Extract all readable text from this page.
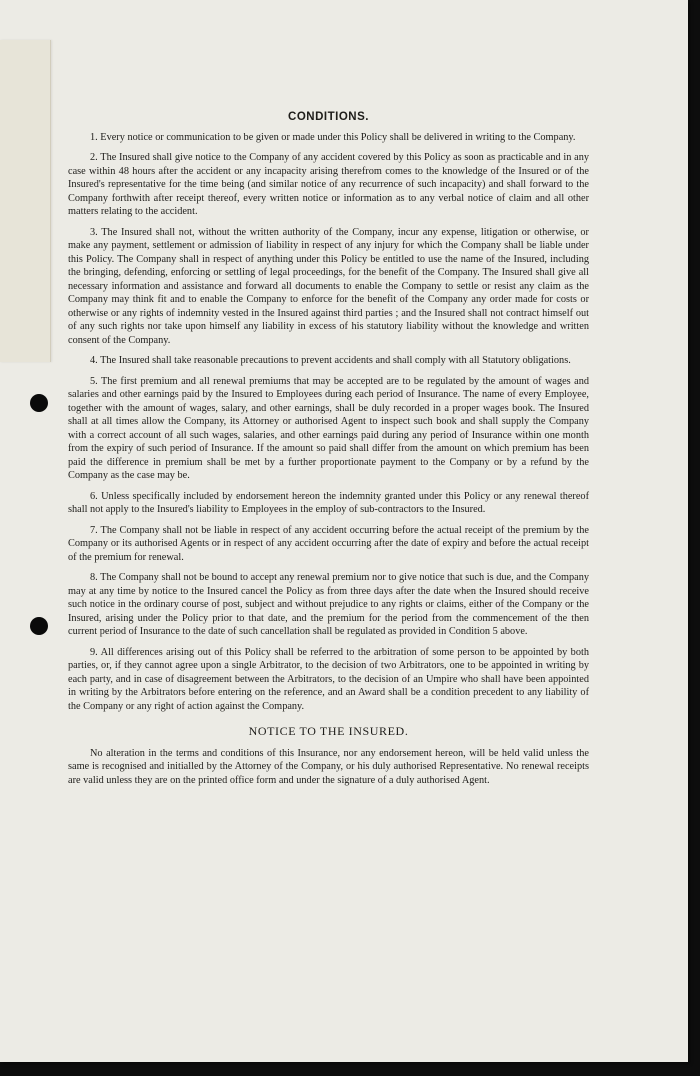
CONDITIONS.

1. Every notice or communication to be given or made under this Policy shall be delivered in writing to the Company.

2. The Insured shall give notice to the Company of any accident covered by this Policy as soon as practicable and in any case within 48 hours after the accident or any incapacity arising therefrom comes to the knowledge of the Insured or of the Insured's representative for the time being (and similar notice of any recurrence of such incapacity) and shall forward to the Company forthwith after receipt thereof, every written notice or information as to any verbal notice of claim and all other matters relating to the accident.

3. The Insured shall not, without the written authority of the Company, incur any expense, litigation or otherwise, or make any payment, settlement or admission of liability in respect of any injury for which the Company shall be liable under this Policy. The Company shall in respect of anything under this Policy be entitled to use the name of the Insured, including the bringing, defending, enforcing or settling of legal proceedings, for the benefit of the Company. The Insured shall give all necessary information and assistance and forward all documents to enable the Company to settle or resist any claim as the Company may think fit and to enable the Company to enforce for the benefit of the Company any order made for costs or otherwise or any rights of indemnity vested in the Insured against third parties ; and the Insured shall not contract himself out of any such rights nor take upon himself any liability in excess of his statutory liability without the knowledge and written consent of the Company.

4. The Insured shall take reasonable precautions to prevent accidents and shall comply with all Statutory obligations.

5. The first premium and all renewal premiums that may be accepted are to be regulated by the amount of wages and salaries and other earnings paid by the Insured to Employees during each period of Insurance. The name of every Employee, together with the amount of wages, salary, and other earnings, shall be duly recorded in a proper wages book. The Insured shall at all times allow the Company, its Attorney or authorised Agent to inspect such book and shall supply the Company with a correct account of all such wages, salaries, and other earnings paid during any period of Insurance within one month from the expiry of such period of Insurance. If the amount so paid shall differ from the amount on which premium has been paid the difference in premium shall be met by a further proportionate payment to the Company or by a refund by the Company as the case may be.

6. Unless specifically included by endorsement hereon the indemnity granted under this Policy or any renewal thereof shall not apply to the Insured's liability to Employees in the employ of sub-contractors to the Insured.

7. The Company shall not be liable in respect of any accident occurring before the actual receipt of the premium by the Company or its authorised Agents or in respect of any accident occurring after the date of expiry and before the actual receipt of the premium for renewal.

8. The Company shall not be bound to accept any renewal premium nor to give notice that such is due, and the Company may at any time by notice to the Insured cancel the Policy as from three days after the date when the Insured should receive such notice in the ordinary course of post, subject and without prejudice to any rights or claims, either of the Company or the Insured, arising under the Policy prior to that date, and the premium for the period from the commencement of the then current period of Insurance to the date of such cancellation shall be regulated as provided in Condition 5 above.

9. All differences arising out of this Policy shall be referred to the arbitration of some person to be appointed by both parties, or, if they cannot agree upon a single Arbitrator, to the decision of two Arbitrators, one to be appointed in writing by each party, and in case of disagreement between the Arbitrators, to the decision of an Umpire who shall have been appointed in writing by the Arbitrators before entering on the reference, and an Award shall be a condition precedent to any liability of the Company or any right of action against the Company.

NOTICE TO THE INSURED.

No alteration in the terms and conditions of this Insurance, nor any endorsement hereon, will be held valid unless the same is recognised and initialled by the Attorney of the Company, or his duly authorised Representative. No renewal receipts are valid unless they are on the printed office form and under the signature of a duly authorised Agent.
